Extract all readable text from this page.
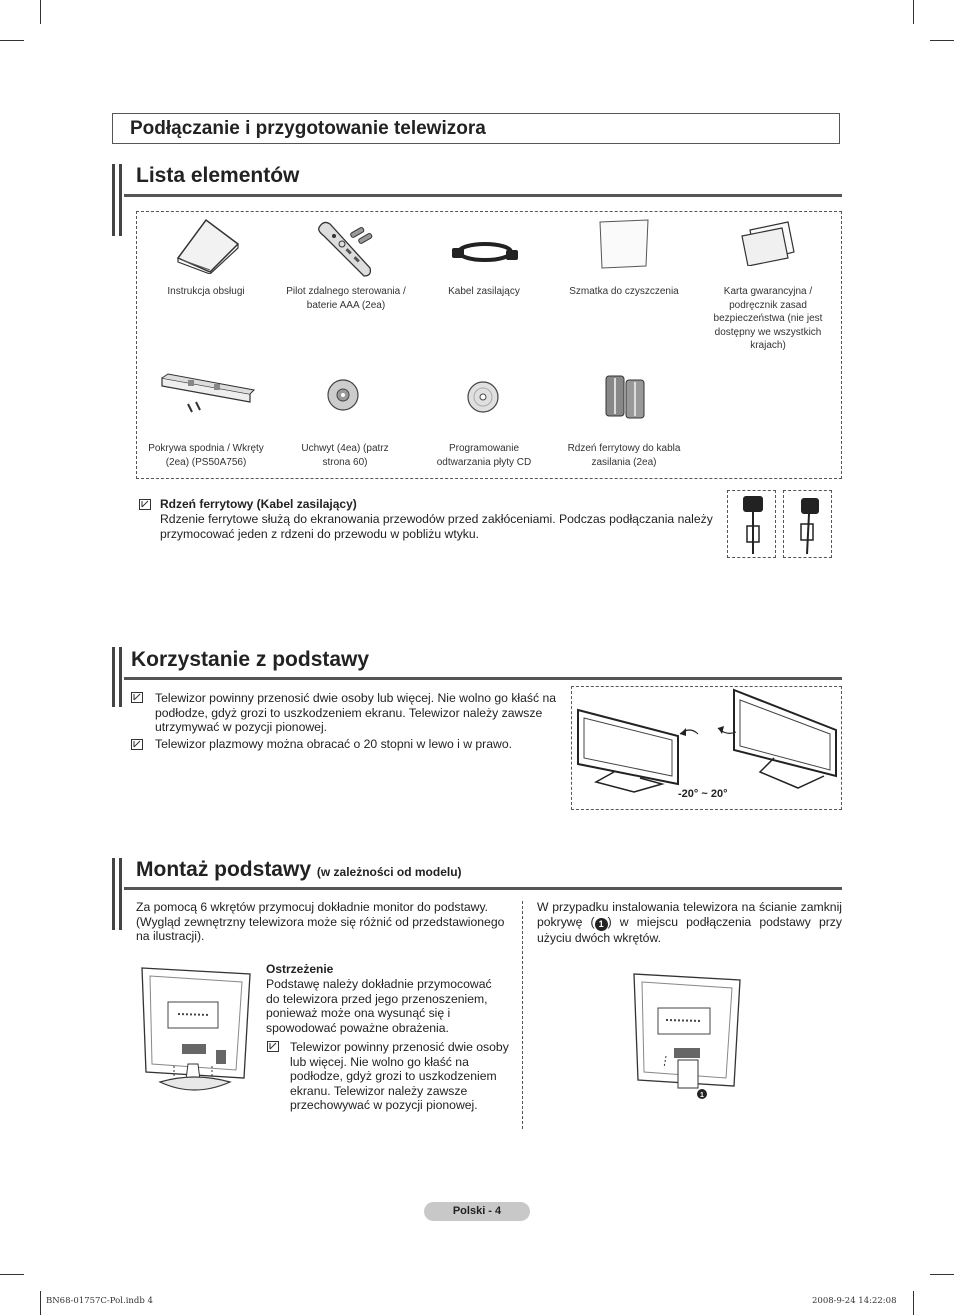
Podłączanie i przygotowanie telewizora
Lista elementów
Instrukcja obsługi	Pilot zdalnego sterowania / baterie AAA (2ea)
Kabel zasilający	Szmatka do czyszczenia	Karta gwarancyjna / podręcznik zasad bezpieczeństwa (nie jest dostępny we wszystkich krajach)
Pokrywa spodnia / Wkręty (2ea) (PS50A756)
Uchwyt (4ea) (patrz strona 60)
Programowanie odtwarzania płyty CD
Rdzeń ferrytowy do kabla zasilania (2ea)
Rdzeń ferrytowy (Kabel zasilający)
Rdzenie ferrytowe służą do ekranowania przewodów przed zakłóceniami. Podczas podłączania należy przymocować jeden z rdzeni do przewodu w pobliżu wtyku.
Korzystanie z podstawy
Telewizor powinny przenosić dwie osoby lub więcej. Nie wolno go kłaść na podłodze, gdyż grozi to uszkodzeniem ekranu. Telewizor należy zawsze utrzymywać w pozycji pionowej.
Telewizor plazmowy można obracać o 20 stopni w lewo i w prawo.
-20° ~ 20°
Montaż podstawy (w zależności od modelu)
Za pomocą 6 wkrętów przymocuj dokładnie monitor do podstawy. (Wygląd zewnętrzny telewizora może się różnić od przedstawionego na ilustracji).
Ostrzeżenie
Podstawę należy dokładnie przymocować do telewizora przed jego przenoszeniem, ponieważ może ona wysunąć się i spowodować poważne obrażenia.
Telewizor powinny przenosić dwie osoby lub więcej. Nie wolno go kłaść na podłodze, gdyż grozi to uszkodzeniem ekranu. Telewizor należy zawsze przechowywać w pozycji pionowej.
W przypadku instalowania telewizora na ścianie zamknij pokrywę ( 1 ) w miejscu podłączenia podstawy przy użyciu dwóch wkrętów.
1
Polski - 4
BN68-01757C-Pol.indb 4	2008-9-24 14:22:08
